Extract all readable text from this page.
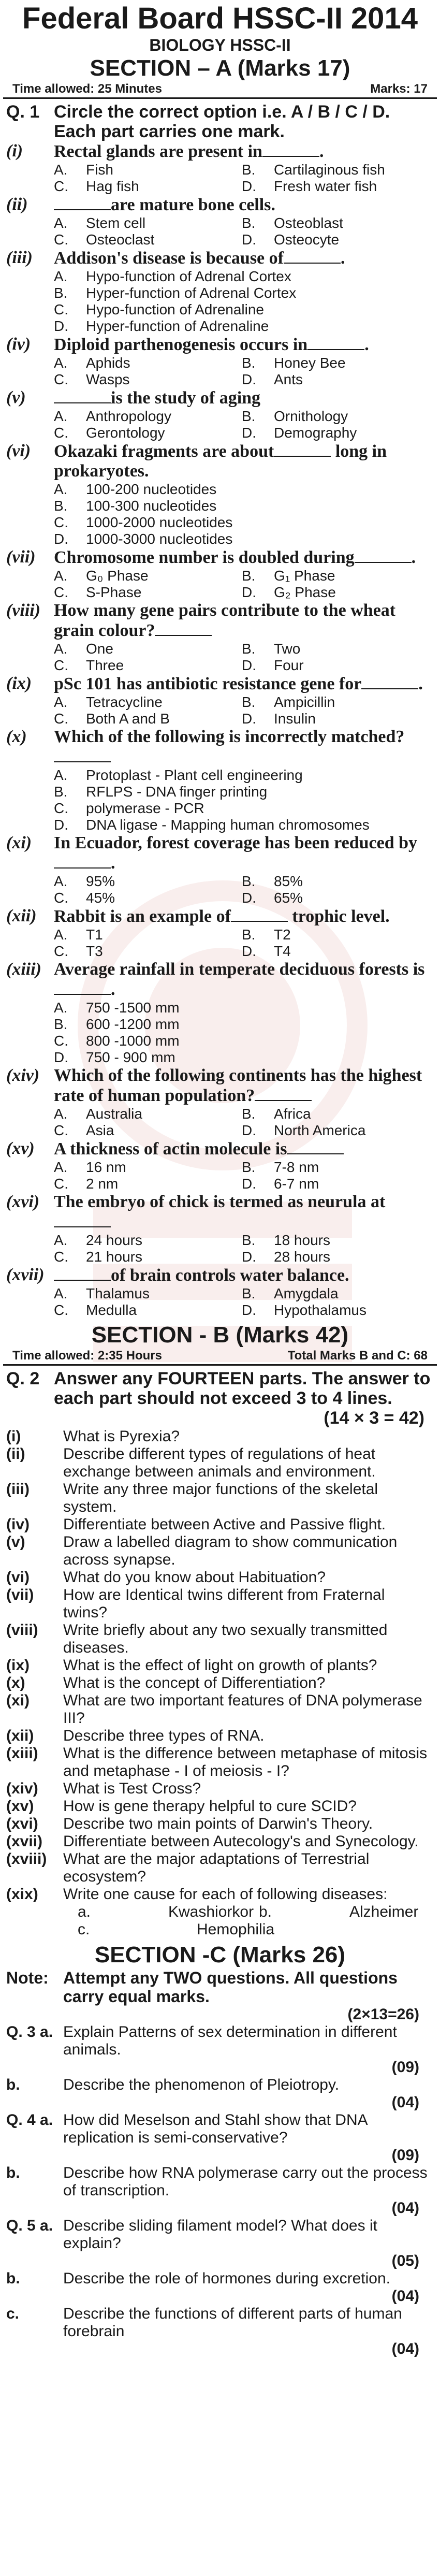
Federal Board HSSC-II 2014
BIOLOGY HSSC-II
SECTION – A (Marks 17)
Time allowed: 25 Minutes	Marks: 17
Q. 1 Circle the correct option i.e. A / B / C / D. Each part carries one mark.
(i)	Rectal glands are present in	.
A.	Fish	B.	Cartilaginous fish
C.	Hag fish	D.	Fresh water fish
(ii)	are mature bone cells.
A.	Stem cell	B.	Osteoblast
C.	Osteoclast	D.	Osteocyte
(iii)	Addison's disease is because of	.
A.	Hypo-function of Adrenal Cortex
B.	Hyper-function of Adrenal Cortex
C.	Hypo-function of Adrenaline
D.	Hyper-function of Adrenaline
(iv)	Diploid parthenogenesis occurs in	.
A.	Aphids	B.	Honey Bee
C.	Wasps	D.	Ants
(v)	is the study of aging
A.	Anthropology	B.	Ornithology
C.	Gerontology	D.	Demography
(vi)	Okazaki fragments are about	long in prokaryotes.
A.	100-200 nucleotides
B.	100-300 nucleotides
C.	1000-2000 nucleotides
D.	1000-3000 nucleotides
(vii)	Chromosome number is doubled during	.
A.	G₀ Phase	B.	G₁ Phase
C.	S-Phase	D.	G₂ Phase
(viii) How many gene pairs contribute to the wheat grain colour?
A.	One	B.	Two
C.	Three	D.	Four
(ix)	pSc 101 has antibiotic resistance gene for	.
A.	Tetracycline	B.	Ampicillin
C.	Both A and B	D.	Insulin
(x)	Which of the following is incorrectly matched?
A.	Protoplast - Plant cell engineering
B.	RFLPS - DNA finger printing
C.	polymerase - PCR
D.	DNA ligase - Mapping human chromosomes
(xi)	In Ecuador, forest coverage has been reduced by.
A.	95%	B.	85%
C.	45%	D.	65%
(xii) Rabbit is an example of	trophic level.
A.	T1	B.	T2
C.	T3	D.	T4
(xiii) Average rainfall in temperate deciduous forests is.
A.	750 -1500 mm
B.	600 -1200 mm
C.	800 -1000 mm
D.	750 - 900 mm
(xiv) Which of the following continents has the highest rate of human population?
A.	Australia	B.	Africa
C.	Asia	D.	North America
(xv)	A thickness of actin molecule is
A.	16 nm	B.	7-8 nm
C.	2 nm	D.	6-7 nm
(xvi) The embryo of chick is termed as neurula at
A.	24 hours	B.	18 hours
C.	21 hours	D.	28 hours
(xvii)	of brain controls water balance.
A.	Thalamus	B.	Amygdala
C.	Medulla	D.	Hypothalamus
SECTION - B (Marks 42)
Time allowed: 2:35 Hours	Total Marks B and C: 68
Q. 2 Answer any FOURTEEN parts. The answer to each part should not exceed 3 to 4 lines.
(14 × 3 = 42)
(i)	What is Pyrexia?
(ii)	Describe different types of regulations of heat exchange between animals and environment.
(iii)	Write any three major functions of the skeletal system.
(iv)	Differentiate between Active and Passive flight.
(v)	Draw a labelled diagram to show communication across synapse.
(vi)	What do you know about Habituation?
(vii)	How are Identical twins different from Fraternal twins?
(viii)	Write briefly about any two sexually transmitted diseases.
(ix)	What is the effect of light on growth of plants?
(x)	What is the concept of Differentiation?
(xi)	What are two important features of DNA polymerase III?
(xii)	Describe three types of RNA.
(xiii)	What is the difference between metaphase of mitosis and metaphase - I of meiosis - I?
(xiv)	What is Test Cross?
(xv)	How is gene therapy helpful to cure SCID?
(xvi)	Describe two main points of Darwin's Theory.
(xvii)	Differentiate between Autecology's and Synecology.
(xviii)	What are the major adaptations of Terrestrial ecosystem?
(xix)	Write one cause for each of following diseases:
a.	Kwashiorkor b.	Alzheimer
c.	Hemophilia
SECTION -C (Marks 26)
Note: Attempt any TWO questions. All questions carry equal marks.
(2×13=26)
Q. 3 a. Explain Patterns of sex determination in different animals.
(09)
b.	Describe the phenomenon of Pleiotropy.
(04)
Q. 4 a. How did Meselson and Stahl show that DNA replication is semi-conservative?
(09)
b.	Describe how RNA polymerase carry out the process of transcription.
(04)
Q. 5 a. Describe sliding filament model? What does it explain?
(05)
b.	Describe the role of hormones during excretion.
(04)
c.	Describe the functions of different parts of human forebrain
(04)
